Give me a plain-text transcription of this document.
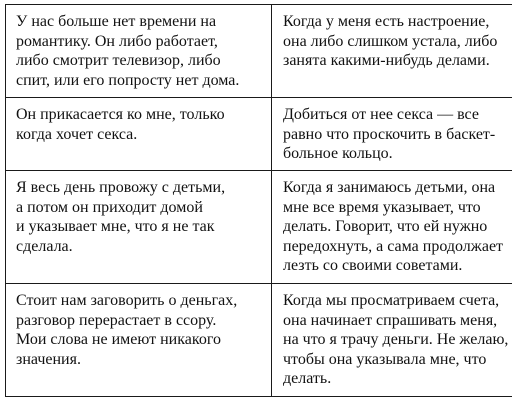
У нас больше нет времени на
романтику. Он либо работает,
либо смотрит телевизор, либо
спит, или его попросту нет дома.	Когда у меня есть настроение,
она либо слишком устала, либо
занята какими-нибудь делами.

Он прикасается ко мне, только
когда хочет секса.	Добиться от нее секса — все
равно что проскочить в баскет-
больное кольцо.

Я весь день провожу с детьми,
а потом он приходит домой
и указывает мне, что я не так
сделала.	Когда я занимаюсь детьми, она
мне все время указывает, что
делать. Говорит, что ей нужно
передохнуть, а сама продолжает
лезть со своими советами.

Стоит нам заговорить о деньгах,
разговор перерастает в ссору.
Мои слова не имеют никакого
значения.	Когда мы просматриваем счета,
она начинает спрашивать меня,
на что я трачу деньги. Не желаю,
чтобы она указывала мне, что
делать.
